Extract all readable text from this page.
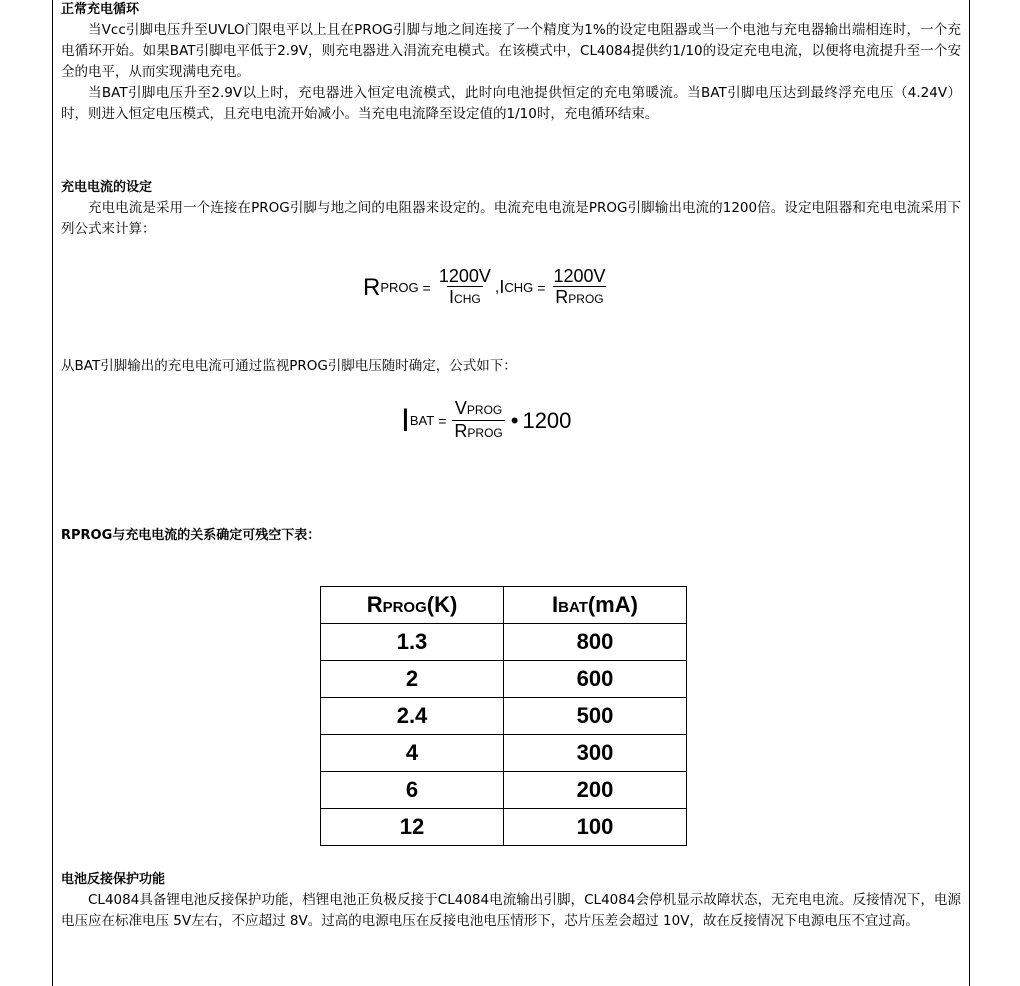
正常充电循环
当Vcc引脚电压升至UVLO门限电平以上且在PROG引脚与地之间连接了一个精度为1%的设定电阻器或当一个电池与充电器输出端相连时，一个充电循环开始。如果BAT引脚电平低于2.9V，则充电器进入涓流充电模式。在该模式中，CL4084提供约1/10的设定充电电流，以便将电流提升至一个安全的电平，从而实现满电充电。
当BAT引脚电压升至2.9V以上时，充电器进入恒定电流模式，此时向电池提供恒定的充电第暖流。当BAT引脚电压达到最终浮充电压（4.24V）时，则进入恒定电压模式，且充电电流开始减小。当充电电流降至设定值的1/10时，充电循环结束。
充电电流的设定
充电电流是采用一个连接在PROG引脚与地之间的电阻器来设定的。电流充电电流是PROG引脚输出电流的1200倍。设定电阻器和充电电流采用下列公式来计算：
R PROG = $\frac{1200V}{\text{ICHG}}$ , I CHG = $\frac{1200V}{\text{RPROG}}$
从BAT引脚输出的充电电流可通过监视PROG引脚电压随时确定，公式如下：
I BAT = $\frac{\text{VPROG}}{\text{RPROG}}$ • 1200
RPROG与充电电流的关系确定可残空下表：
RPROG(K)	IBAT(mA)
1.3	800
2	600
2.4	500
4	300
6	200
12	100
电池反接保护功能
CL4084具备锂电池反接保护功能，档锂电池正负极反接于CL4084电流输出引脚，CL4084会停机显示故障状态，无充电电流。反接情况下，电源电压应在标准电压 5V左右，不应超过 8V。过高的电源电压在反接电池电压情形下，芯片压差会超过 10V，故在反接情况下电源电压不宜过高。
